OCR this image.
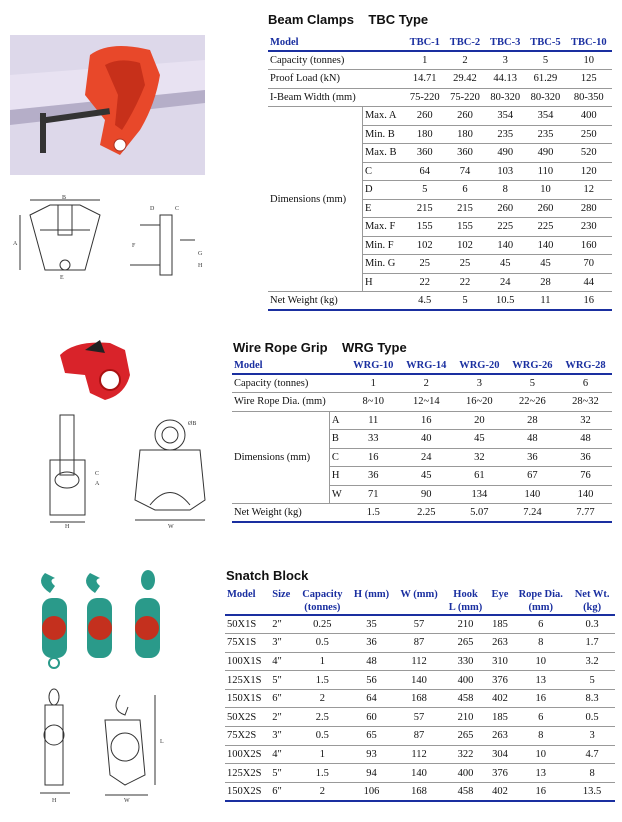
B
A
E
C
D
F
G
H
Beam Clamps    TBC Type
Model		TBC-1	TBC-2	TBC-3	TBC-5	TBC-10
Capacity (tonnes)		1	2	3	5	10
Proof Load (kN)		14.71	29.42	44.13	61.29	125
I-Beam Width (mm)		75-220	75-220	80-320	80-320	80-350
Dimensions (mm)	Max. A	260	260	354	354	400
	Min. B	180	180	235	235	250
	Max. B	360	360	490	490	520
	C	64	74	103	110	120
	D	5	6	8	10	12
	E	215	215	260	260	280
	Max. F	155	155	225	225	230
	Min. F	102	102	140	140	160
	Min. G	25	25	45	45	70
	H	22	22	24	28	44
Net Weight (kg)		4.5	5	10.5	11	16
ØB
C
A
H	W
Wire Rope Grip    WRG Type
Model		WRG-10	WRG-14	WRG-20	WRG-26	WRG-28
Capacity (tonnes)		1	2	3	5	6
Wire Rope Dia. (mm)		8~10	12~14	16~20	22~26	28~32
Dimensions (mm)	A	11	16	20	28	32
	B	33	40	45	48	48
	C	16	24	32	36	36
	H	36	45	61	67	76
	W	71	90	134	140	140
Net Weight (kg)		1.5	2.25	5.07	7.24	7.77
H	W
L
Snatch Block
Model	Size	Capacity	H (mm)	W (mm)	Hook	Eye	Rope Dia.	Net Wt.
		(tonnes)			L (mm)		(mm)	(kg)
50X1S	2"	0.25	35	57	210	185	6	0.3
75X1S	3"	0.5	36	87	265	263	8	1.7
100X1S	4"	1	48	112	330	310	10	3.2
125X1S	5"	1.5	56	140	400	376	13	5
150X1S	6"	2	64	168	458	402	16	8.3
50X2S	2"	2.5	60	57	210	185	6	0.5
75X2S	3"	0.5	65	87	265	263	8	3
100X2S	4"	1	93	112	322	304	10	4.7
125X2S	5"	1.5	94	140	400	376	13	8
150X2S	6"	2	106	168	458	402	16	13.5
